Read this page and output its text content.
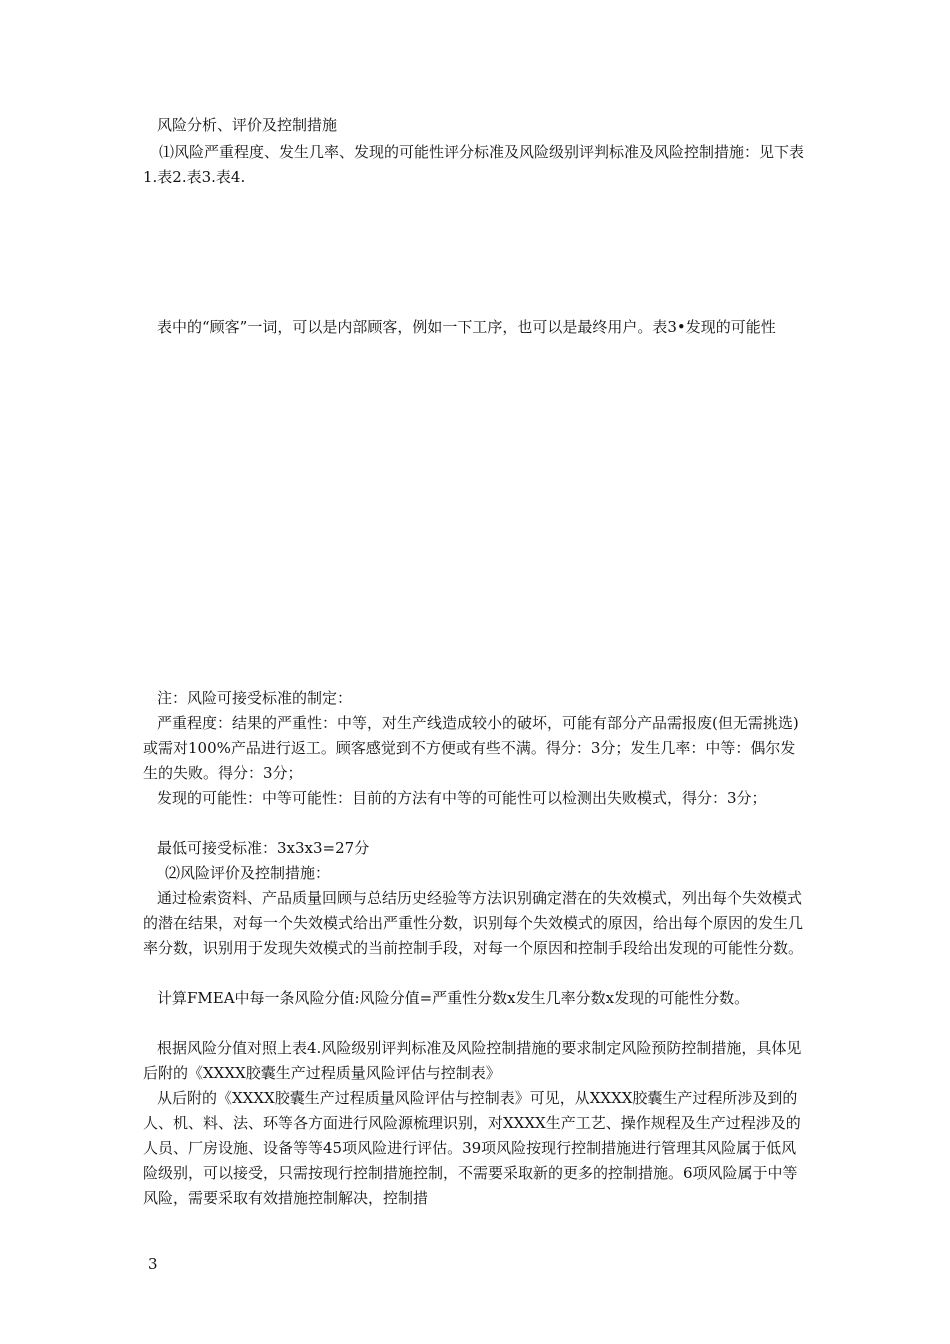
风险分析、评价及控制措施

⑴风险严重程度、发生几率、发现的可能性评分标准及风险级别评判标准及风险控制措施：见下表1.表2.表3.表4.

表中的“顾客”一词，可以是内部顾客，例如一下工序，也可以是最终用户。表3•发现的可能性

注：风险可接受标准的制定：

严重程度：结果的严重性：中等，对生产线造成较小的破坏，可能有部分产品需报废(但无需挑选)或需对100%产品进行返工。顾客感觉到不方便或有些不满。得分：3分；发生几率：中等：偶尔发生的失败。得分：3分；

发现的可能性：中等可能性：目前的方法有中等的可能性可以检测出失败模式，得分：3分；

最低可接受标准：3x3x3=27分

⑵风险评价及控制措施：

通过检索资料、产品质量回顾与总结历史经验等方法识别确定潜在的失效模式，列出每个失效模式的潜在结果，对每一个失效模式给出严重性分数，识别每个失效模式的原因，给出每个原因的发生几率分数，识别用于发现失效模式的当前控制手段，对每一个原因和控制手段给出发现的可能性分数。

计算FMEA中每一条风险分值:风险分值=严重性分数x发生几率分数x发现的可能性分数。

根据风险分值对照上表4.风险级别评判标准及风险控制措施的要求制定风险预防控制措施，具体见后附的《XXXX胶囊生产过程质量风险评估与控制表》

从后附的《XXXX胶囊生产过程质量风险评估与控制表》可见，从XXXX胶囊生产过程所涉及到的人、机、料、法、环等各方面进行风险源梳理识别，对XXXX生产工艺、操作规程及生产过程涉及的人员、厂房设施、设备等等45项风险进行评估。39项风险按现行控制措施进行管理其风险属于低风险级别，可以接受，只需按现行控制措施控制，不需要采取新的更多的控制措施。6项风险属于中等风险，需要采取有效措施控制解决，控制措

3
